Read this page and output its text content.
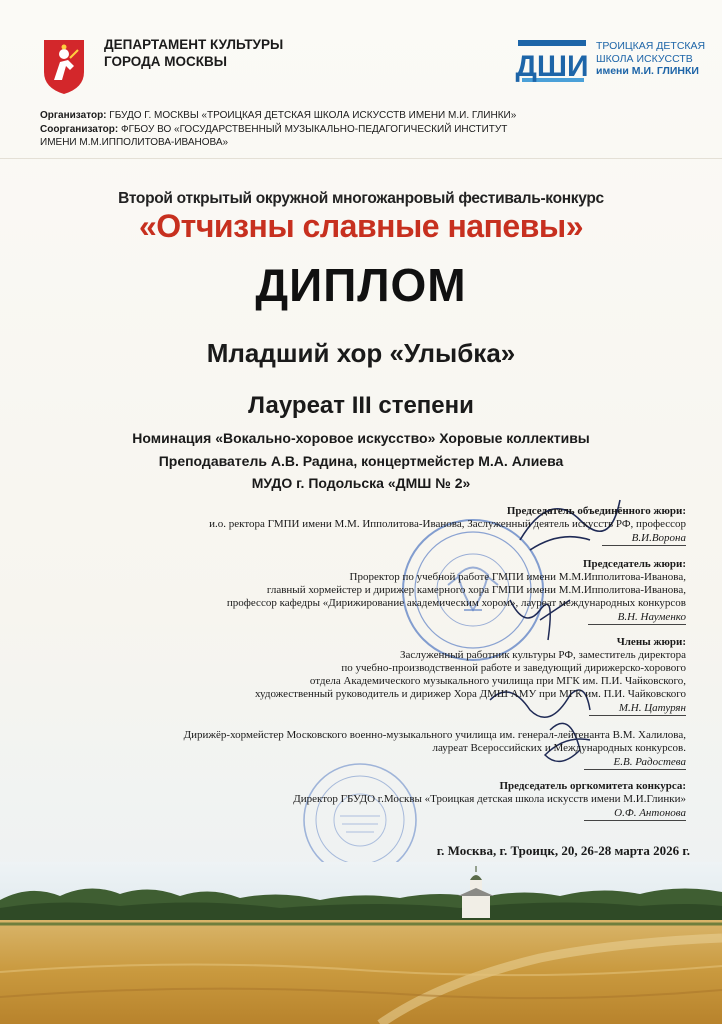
ДЕПАРТАМЕНТ КУЛЬТУРЫ
ГОРОДА МОСКВЫ	ДШИ
ТРОИЦКАЯ ДЕТСКАЯ
ШКОЛА ИСКУССТВ
имени М.И. ГЛИНКИ
Организатор: ГБУДО Г. МОСКВЫ «ТРОИЦКАЯ ДЕТСКАЯ ШКОЛА ИСКУССТВ ИМЕНИ М.И. ГЛИНКИ»
Соорганизатор: ФГБОУ ВО «ГОСУДАРСТВЕННЫЙ МУЗЫКАЛЬНО-ПЕДАГОГИЧЕСКИЙ ИНСТИТУТ
ИМЕНИ М.М.ИППОЛИТОВА-ИВАНОВА»
Второй открытый окружной многожанровый фестиваль-конкурс
«Отчизны славные напевы»
ДИПЛОМ
Младший хор «Улыбка»
Лауреат III степени
Номинация «Вокально-хоровое искусство» Хоровые коллективы
Преподаватель А.В. Радина, концертмейстер М.А. Алиева
МУДО г. Подольска «ДМШ № 2»
Председатель объединённого жюри:
и.о. ректора ГМПИ имени М.М. Ипполитова-Иванова, Заслуженный деятель искусств РФ, профессор
В.И.Ворона
Председатель жюри:
Проректор по учебной работе ГМПИ имени М.М.Ипполитова-Иванова,
главный хормейстер и дирижер камерного хора ГМПИ имени М.М.Ипполитова-Иванова,
профессор кафедры «Дирижирование академическим хором», лауреат международных конкурсов
В.Н. Науменко
Члены жюри:
Заслуженный работник культуры РФ, заместитель директора
по учебно-производственной работе и заведующий дирижерско-хорового
отдела Академического музыкального училища при МГК им. П.И. Чайковского,
художественный руководитель и дирижер Хора ДМШ АМУ при МГК им. П.И. Чайковского
М.Н. Цатурян
Дирижёр-хормейстер Московского военно-музыкального училища им. генерал-лейтенанта В.М. Халилова,
лауреат Всероссийских и Международных конкурсов.
Е.В. Радостева
Председатель оргкомитета конкурса:
Директор ГБУДО г.Москвы «Троицкая детская школа искусств имени М.И.Глинки»
О.Ф. Антонова
г. Москва, г. Троицк, 20, 26-28 марта 2026 г.
